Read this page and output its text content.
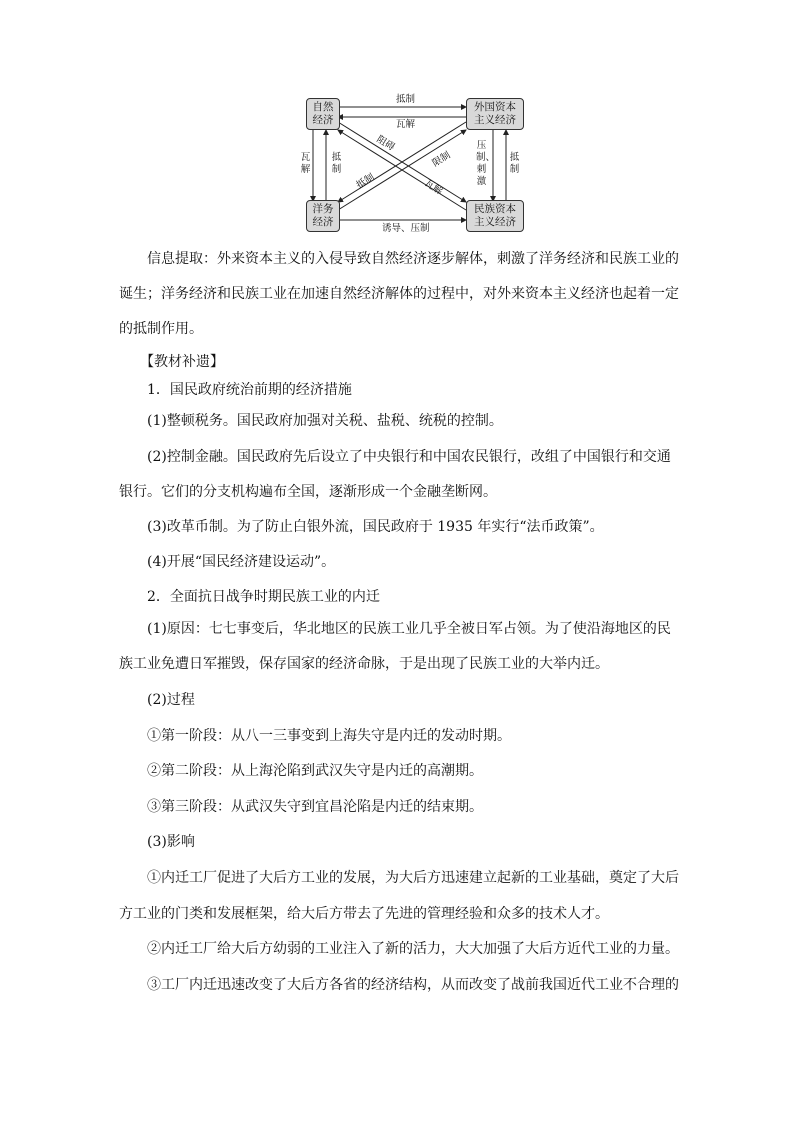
自然经济
外国资本主义经济
洋务经济
民族资本主义经济
抵制
瓦解
瓦解
抵制
压制、刺激
抵制
诱导、压制
阻碍
瓦解
限制
抵制

信息提取：外来资本主义的入侵导致自然经济逐步解体，刺激了洋务经济和民族工业的

诞生；洋务经济和民族工业在加速自然经济解体的过程中，对外来资本主义经济也起着一定

的抵制作用。

【教材补遗】

1．国民政府统治前期的经济措施

(1)整顿税务。国民政府加强对关税、盐税、统税的控制。

(2)控制金融。国民政府先后设立了中央银行和中国农民银行，改组了中国银行和交通

银行。它们的分支机构遍布全国，逐渐形成一个金融垄断网。

(3)改革币制。为了防止白银外流，国民政府于 1935 年实行“法币政策”。

(4)开展“国民经济建设运动”。

2．全面抗日战争时期民族工业的内迁

(1)原因：七七事变后，华北地区的民族工业几乎全被日军占领。为了使沿海地区的民

族工业免遭日军摧毁，保存国家的经济命脉，于是出现了民族工业的大举内迁。

(2)过程

①第一阶段：从八一三事变到上海失守是内迁的发动时期。

②第二阶段：从上海沦陷到武汉失守是内迁的高潮期。

③第三阶段：从武汉失守到宜昌沦陷是内迁的结束期。

(3)影响

①内迁工厂促进了大后方工业的发展，为大后方迅速建立起新的工业基础，奠定了大后

方工业的门类和发展框架，给大后方带去了先进的管理经验和众多的技术人才。

②内迁工厂给大后方幼弱的工业注入了新的活力，大大加强了大后方近代工业的力量。

③工厂内迁迅速改变了大后方各省的经济结构，从而改变了战前我国近代工业不合理的
